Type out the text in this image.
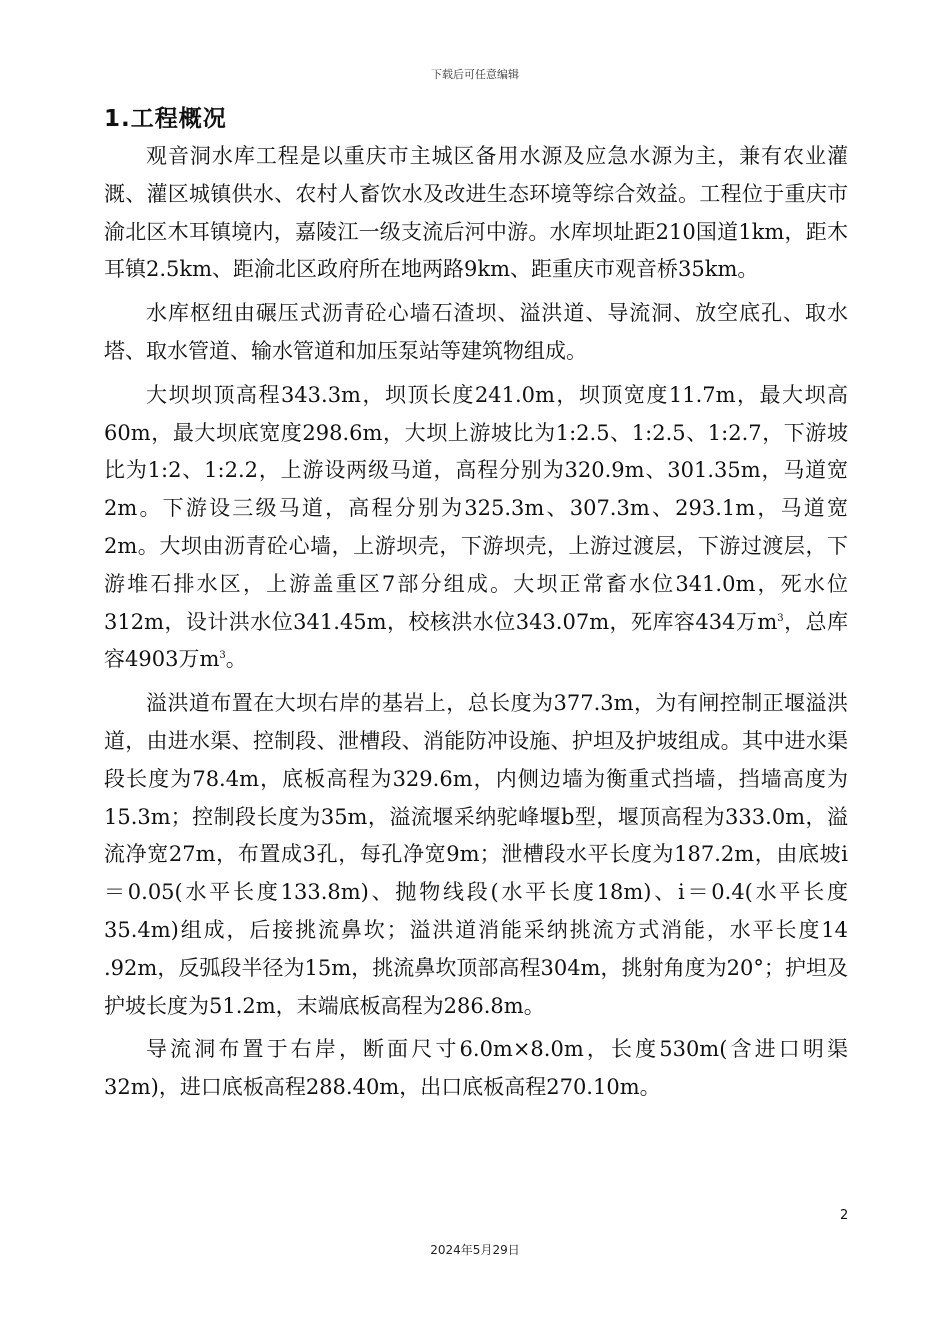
下载后可任意编辑
1.工程概况

观音洞水库工程是以重庆市主城区备用水源及应急水源为主，兼有农业灌溉、灌区城镇供水、农村人畜饮水及改进生态环境等综合效益。工程位于重庆市渝北区木耳镇境内，嘉陵江一级支流后河中游。水库坝址距210国道1km，距木耳镇2.5km、距渝北区政府所在地两路9km、距重庆市观音桥35km。

水库枢纽由碾压式沥青砼心墙石渣坝、溢洪道、导流洞、放空底孔、取水塔、取水管道、输水管道和加压泵站等建筑物组成。

大坝坝顶高程343.3m，坝顶长度241.0m，坝顶宽度11.7m，最大坝高60m，最大坝底宽度298.6m，大坝上游坡比为1:2.5、1:2.5、1:2.7，下游坡比为1:2、1:2.2，上游设两级马道，高程分别为320.9m、301.35m，马道宽2m。下游设三级马道，高程分别为325.3m、307.3m、293.1m，马道宽2m。大坝由沥青砼心墙，上游坝壳，下游坝壳，上游过渡层，下游过渡层，下游堆石排水区，上游盖重区7部分组成。大坝正常畜水位341.0m，死水位312m，设计洪水位341.45m，校核洪水位343.07m，死库容434万$m^3$，总库容4903万$m^3$。

溢洪道布置在大坝右岸的基岩上，总长度为377.3m，为有闸控制正堰溢洪道，由进水渠、控制段、泄槽段、消能防冲设施、护坦及护坡组成。其中进水渠段长度为78.4m，底板高程为329.6m，内侧边墙为衡重式挡墙，挡墙高度为15.3m；控制段长度为35m，溢流堰采纳驼峰堰b型，堰顶高程为333.0m，溢流净宽27m，布置成3孔，每孔净宽9m；泄槽段水平长度为187.2m，由底坡i＝0.05(水平长度133.8m)、抛物线段(水平长度18m)、i＝0.4(水平长度35.4m)组成，后接挑流鼻坎；溢洪道消能采纳挑流方式消能，水平长度14 .92m，反弧段半径为15m，挑流鼻坎顶部高程304m，挑射角度为20°；护坦及护坡长度为51.2m，末端底板高程为286.8m。

导流洞布置于右岸，断面尺寸6.0m×8.0m，长度530m(含进口明渠32m)，进口底板高程288.40m，出口底板高程270.10m。

2
2024年5月29日
